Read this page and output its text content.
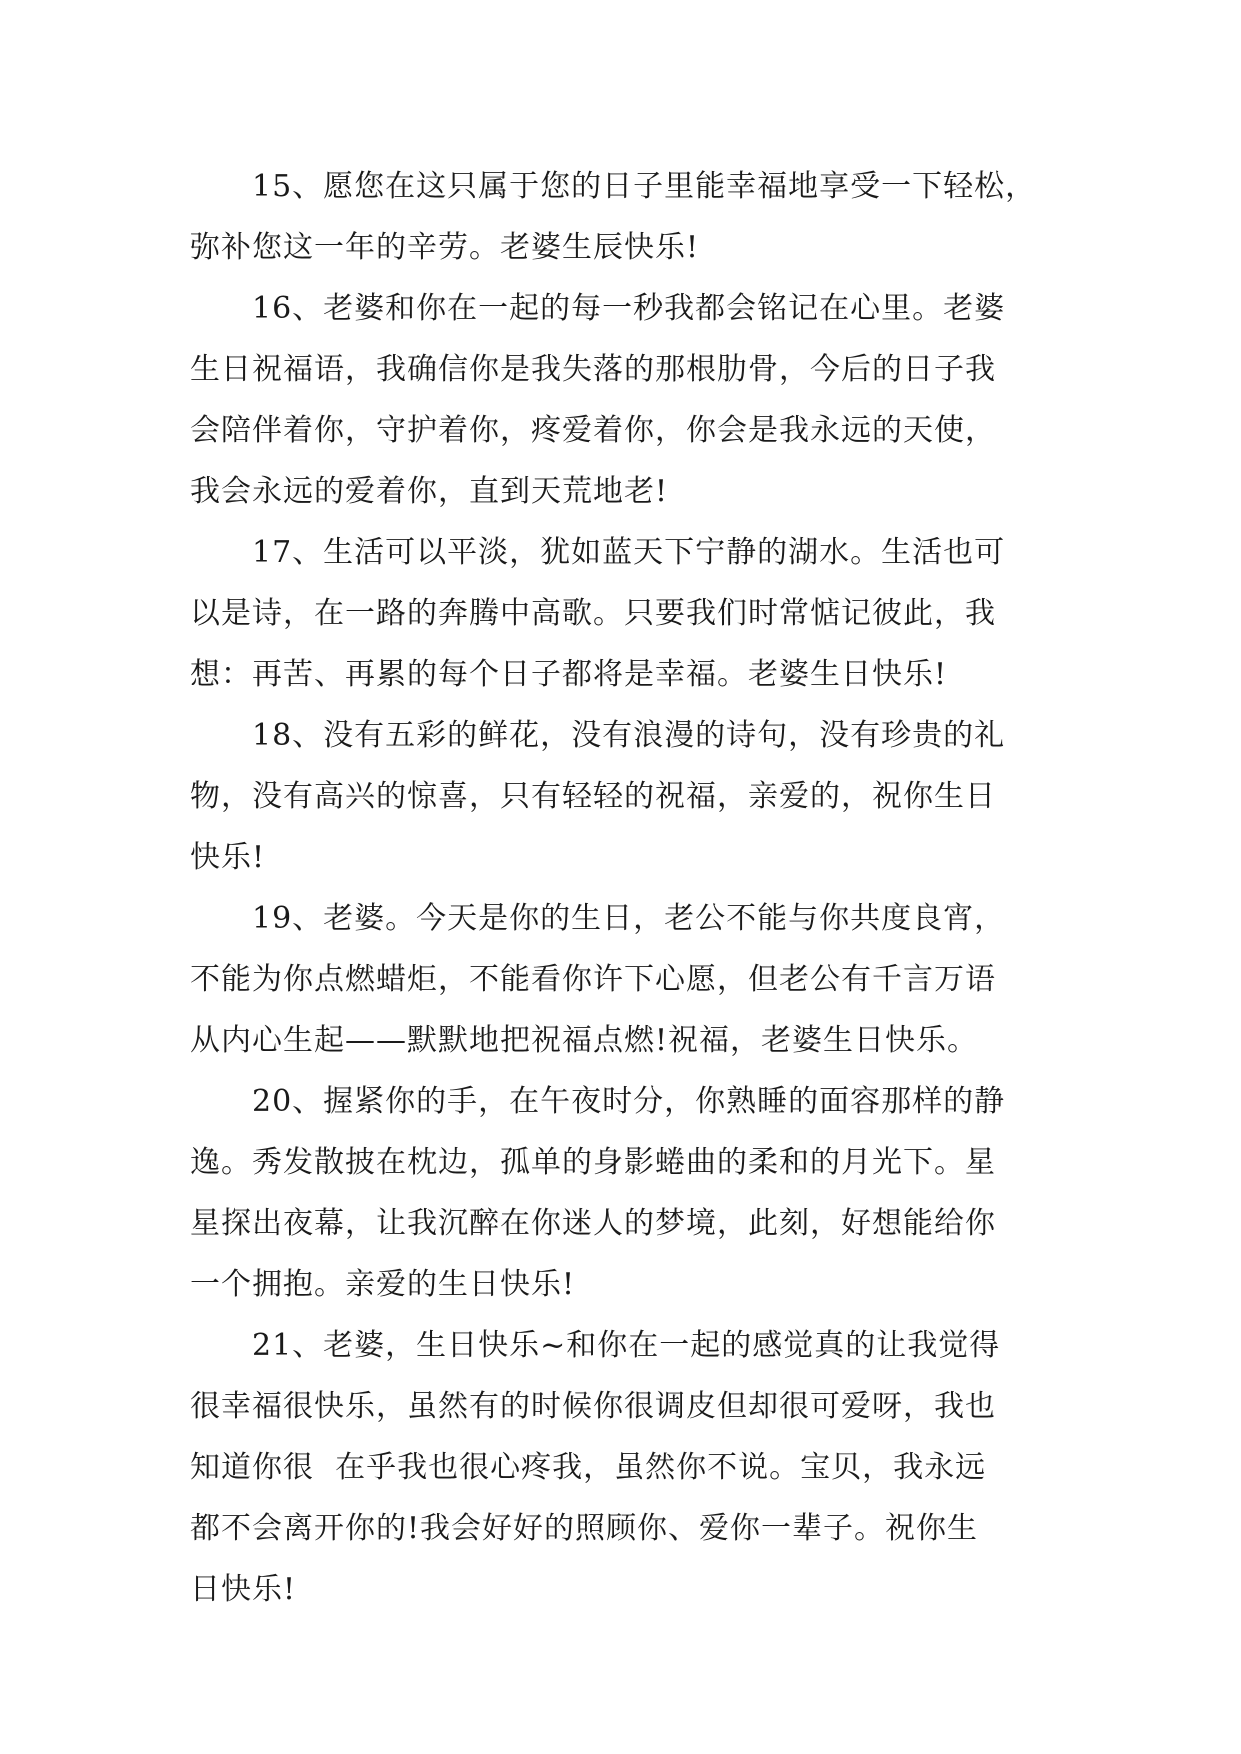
15、愿您在这只属于您的日子里能幸福地享受一下轻松，
弥补您这一年的辛劳。老婆生辰快乐!

16、老婆和你在一起的每一秒我都会铭记在心里。老婆
生日祝福语，我确信你是我失落的那根肋骨，今后的日子我
会陪伴着你，守护着你，疼爱着你，你会是我永远的天使，
我会永远的爱着你，直到天荒地老!

17、生活可以平淡，犹如蓝天下宁静的湖水。生活也可
以是诗，在一路的奔腾中高歌。只要我们时常惦记彼此，我
想：再苦、再累的每个日子都将是幸福。老婆生日快乐!

18、没有五彩的鲜花，没有浪漫的诗句，没有珍贵的礼
物，没有高兴的惊喜，只有轻轻的祝福，亲爱的，祝你生日
快乐!

19、老婆。今天是你的生日，老公不能与你共度良宵，
不能为你点燃蜡炬，不能看你许下心愿，但老公有千言万语
从内心生起——默默地把祝福点燃!祝福，老婆生日快乐。

20、握紧你的手，在午夜时分，你熟睡的面容那样的静
逸。秀发散披在枕边，孤单的身影蜷曲的柔和的月光下。星
星探出夜幕，让我沉醉在你迷人的梦境，此刻，好想能给你
一个拥抱。亲爱的生日快乐!

21、老婆，生日快乐~和你在一起的感觉真的让我觉得
很幸福很快乐，虽然有的时候你很调皮但却很可爱呀，我也
知道你很  在乎我也很心疼我，虽然你不说。宝贝，我永远
都不会离开你的!我会好好的照顾你、爱你一辈子。祝你生
日快乐!
